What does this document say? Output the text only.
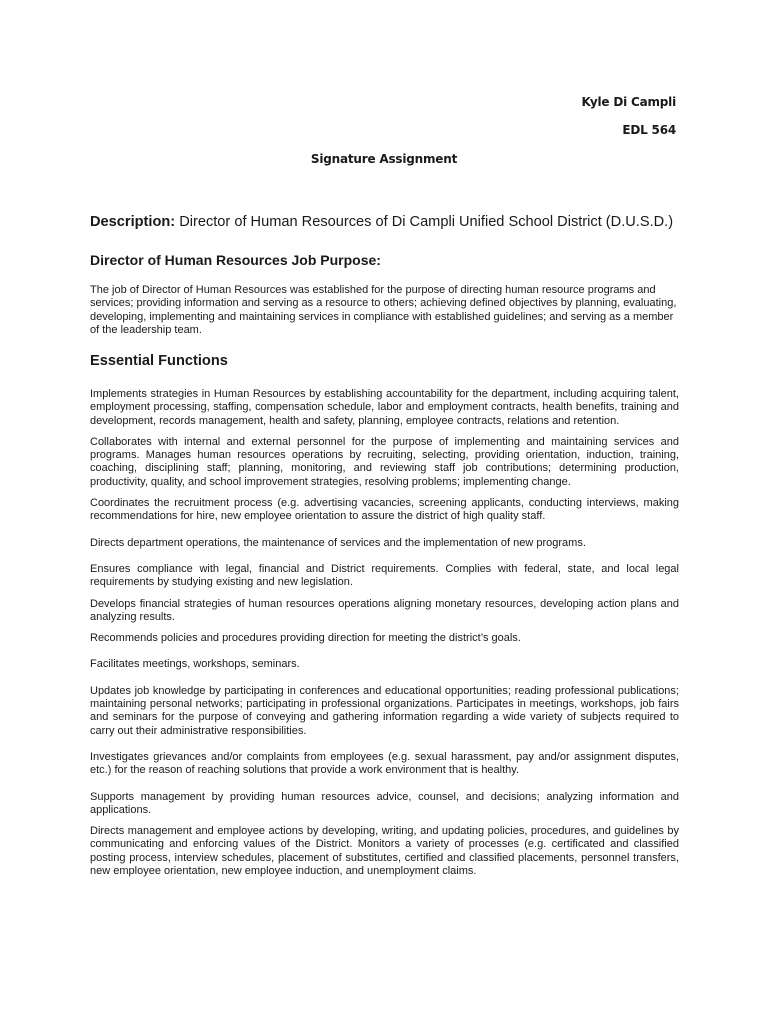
Kyle Di Campli
EDL 564
Signature Assignment
Description: Director of Human Resources of Di Campli Unified School District (D.U.S.D.)
Director of Human Resources Job Purpose:
The job of Director of Human Resources was established for the purpose of directing human resource programs and services; providing information and serving as a resource to others; achieving defined objectives by planning, evaluating, developing, implementing and maintaining services in compliance with established guidelines; and serving as a member of the leadership team.
Essential Functions
Implements strategies in Human Resources by establishing accountability for the department, including acquiring talent, employment processing, staffing, compensation schedule, labor and employment contracts, health benefits, training and development, records management, health and safety, planning, employee contracts, relations and retention.
Collaborates with internal and external personnel for the purpose of implementing and maintaining services and programs. Manages human resources operations by recruiting, selecting, providing orientation, induction, training, coaching, disciplining staff; planning, monitoring, and reviewing staff job contributions; determining production, productivity, quality, and school improvement strategies, resolving problems; implementing change.
Coordinates the recruitment process (e.g. advertising vacancies, screening applicants, conducting interviews, making recommendations for hire, new employee orientation to assure the district of high quality staff.
Directs department operations, the maintenance of services and the implementation of new programs.
Ensures compliance with legal, financial and District requirements. Complies with federal, state, and local legal requirements by studying existing and new legislation.
Develops financial strategies of human resources operations aligning monetary resources, developing action plans and analyzing results.
Recommends policies and procedures providing direction for meeting the district’s goals.
Facilitates meetings, workshops, seminars.
Updates job knowledge by participating in conferences and educational opportunities; reading professional publications; maintaining personal networks; participating in professional organizations. Participates in meetings, workshops, job fairs and seminars for the purpose of conveying and gathering information regarding a wide variety of subjects required to carry out their administrative responsibilities.
Investigates grievances and/or complaints from employees (e.g. sexual harassment, pay and/or assignment disputes, etc.) for the reason of reaching solutions that provide a work environment that is healthy.
Supports management by providing human resources advice, counsel, and decisions; analyzing information and applications.
Directs management and employee actions by developing, writing, and updating policies, procedures, and guidelines by communicating and enforcing values of the District. Monitors a variety of processes (e.g. certificated and classified posting process, interview schedules, placement of substitutes, certified and classified placements, personnel transfers, new employee orientation, new employee induction, and unemployment claims.
